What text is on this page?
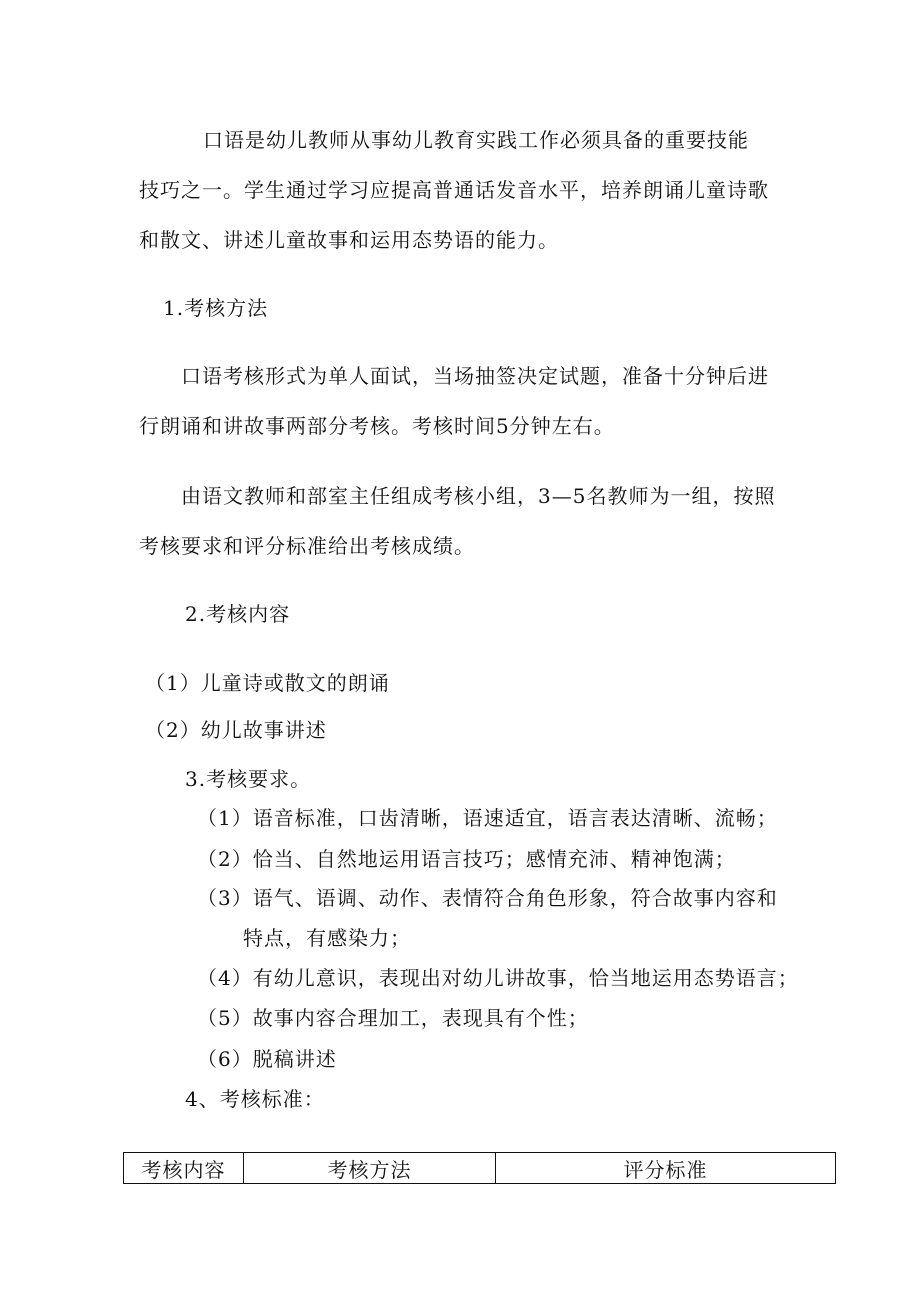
口语是幼儿教师从事幼儿教育实践工作必须具备的重要技能
技巧之一。学生通过学习应提高普通话发音水平，培养朗诵儿童诗歌
和散文、讲述儿童故事和运用态势语的能力。
1.考核方法
口语考核形式为单人面试，当场抽签决定试题，准备十分钟后进
行朗诵和讲故事两部分考核。考核时间5分钟左右。
由语文教师和部室主任组成考核小组，3—5名教师为一组，按照
考核要求和评分标准给出考核成绩。
2.考核内容
（1）儿童诗或散文的朗诵
（2）幼儿故事讲述
3.考核要求。
（1）语音标准，口齿清晰，语速适宜，语言表达清晰、流畅；
（2）恰当、自然地运用语言技巧；感情充沛、精神饱满；
（3）语气、语调、动作、表情符合角色形象，符合故事内容和
特点，有感染力；
（4）有幼儿意识，表现出对幼儿讲故事，恰当地运用态势语言；
（5）故事内容合理加工，表现具有个性；
（6）脱稿讲述
4、考核标准：
考核内容	考核方法	评分标准
